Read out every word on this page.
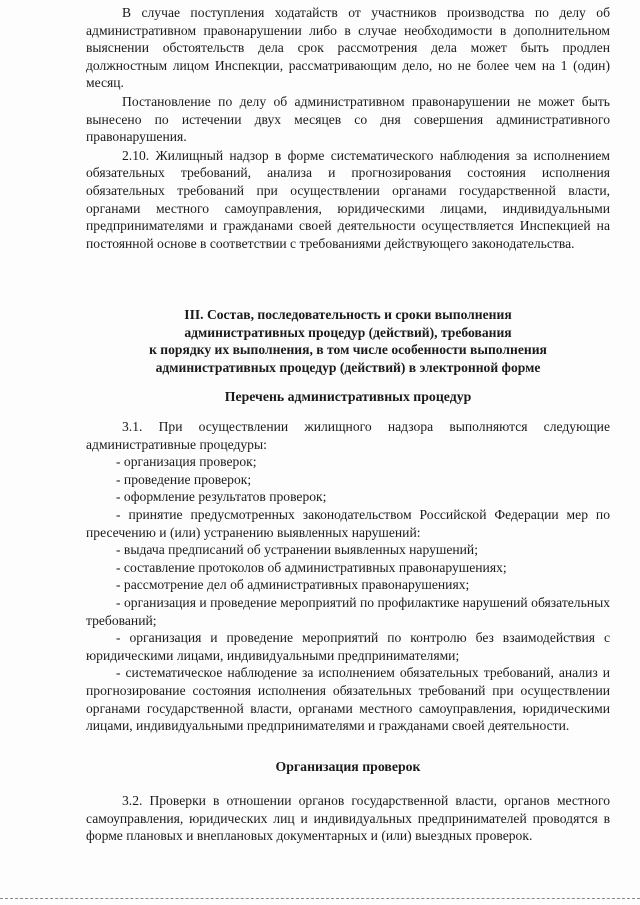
В случае поступления ходатайств от участников производства по делу об административном правонарушении либо в случае необходимости в дополнительном выяснении обстоятельств дела срок рассмотрения дела может быть продлен должностным лицом Инспекции, рассматривающим дело, но не более чем на 1 (один) месяц.

Постановление по делу об административном правонарушении не может быть вынесено по истечении двух месяцев со дня совершения административного правонарушения.

2.10. Жилищный надзор в форме систематического наблюдения за исполнением обязательных требований, анализа и прогнозирования состояния исполнения обязательных требований при осуществлении органами государственной власти, органами местного самоуправления, юридическими лицами, индивидуальными предпринимателями и гражданами своей деятельности осуществляется Инспекцией на постоянной основе в соответствии с требованиями действующего законодательства.

III. Состав, последовательность и сроки выполнения
административных процедур (действий), требования
к порядку их выполнения, в том числе особенности выполнения
административных процедур (действий) в электронной форме
Перечень административных процедур

3.1. При осуществлении жилищного надзора выполняются следующие административные процедуры:

- организация проверок;

- проведение проверок;

- оформление результатов проверок;

- принятие предусмотренных законодательством Российской Федерации мер по пресечению и (или) устранению выявленных нарушений:

- выдача предписаний об устранении выявленных нарушений;

- составление протоколов об административных правонарушениях;

- рассмотрение дел об административных правонарушениях;

- организация и проведение мероприятий по профилактике нарушений обязательных требований;

- организация и проведение мероприятий по контролю без взаимодействия с юридическими лицами, индивидуальными предпринимателями;

- систематическое наблюдение за исполнением обязательных требований, анализ и прогнозирование состояния исполнения обязательных требований при осуществлении органами государственной власти, органами местного самоуправления, юридическими лицами, индивидуальными предпринимателями и гражданами своей деятельности.

Организация проверок

3.2. Проверки в отношении органов государственной власти, органов местного самоуправления, юридических лиц и индивидуальных предпринимателей проводятся в форме плановых и внеплановых документарных и (или) выездных проверок.
